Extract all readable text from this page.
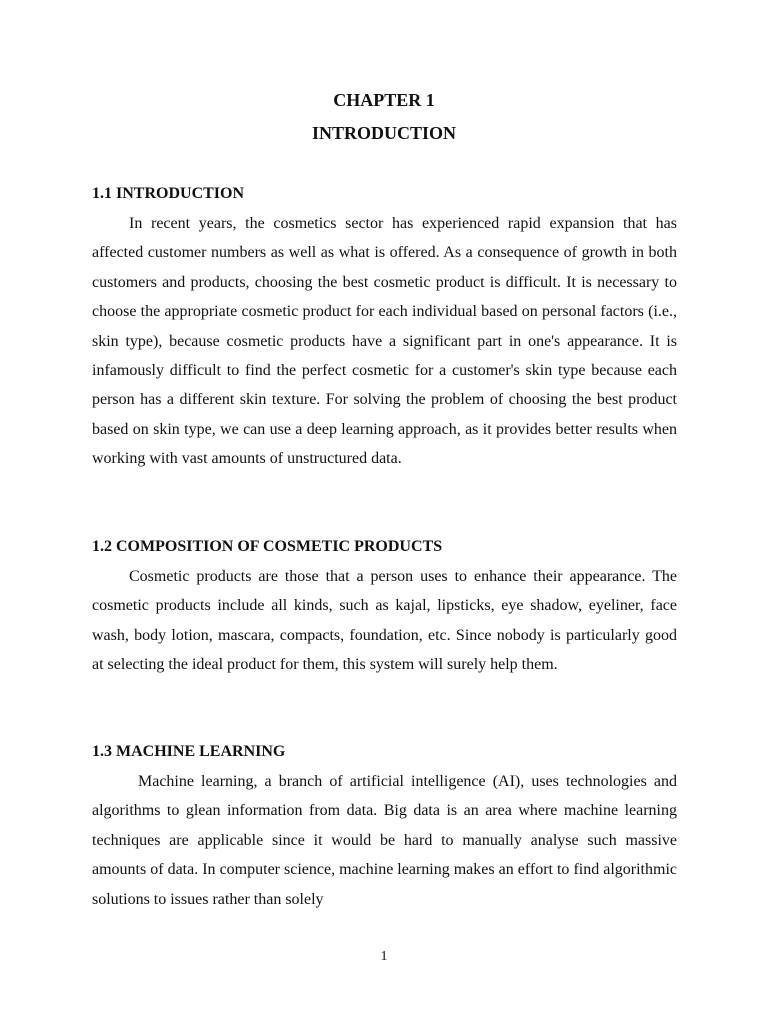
CHAPTER 1
INTRODUCTION
1.1 INTRODUCTION

In recent years, the cosmetics sector has experienced rapid expansion that has affected customer numbers as well as what is offered. As a consequence of growth in both customers and products, choosing the best cosmetic product is difficult. It is necessary to choose the appropriate cosmetic product for each individual based on personal factors (i.e., skin type), because cosmetic products have a significant part in one's appearance. It is infamously difficult to find the perfect cosmetic for a customer's skin type because each person has a different skin texture. For solving the problem of choosing the best product based on skin type, we can use a deep learning approach, as it provides better results when working with vast amounts of unstructured data.

1.2 COMPOSITION OF COSMETIC PRODUCTS

Cosmetic products are those that a person uses to enhance their appearance. The cosmetic products include all kinds, such as kajal, lipsticks, eye shadow, eyeliner, face wash, body lotion, mascara, compacts, foundation, etc. Since nobody is particularly good at selecting the ideal product for them, this system will surely help them.

1.3 MACHINE LEARNING

Machine learning, a branch of artificial intelligence (AI), uses technologies and algorithms to glean information from data. Big data is an area where machine learning techniques are applicable since it would be hard to manually analyse such massive amounts of data. In computer science, machine learning makes an effort to find algorithmic solutions to issues rather than solely

1
